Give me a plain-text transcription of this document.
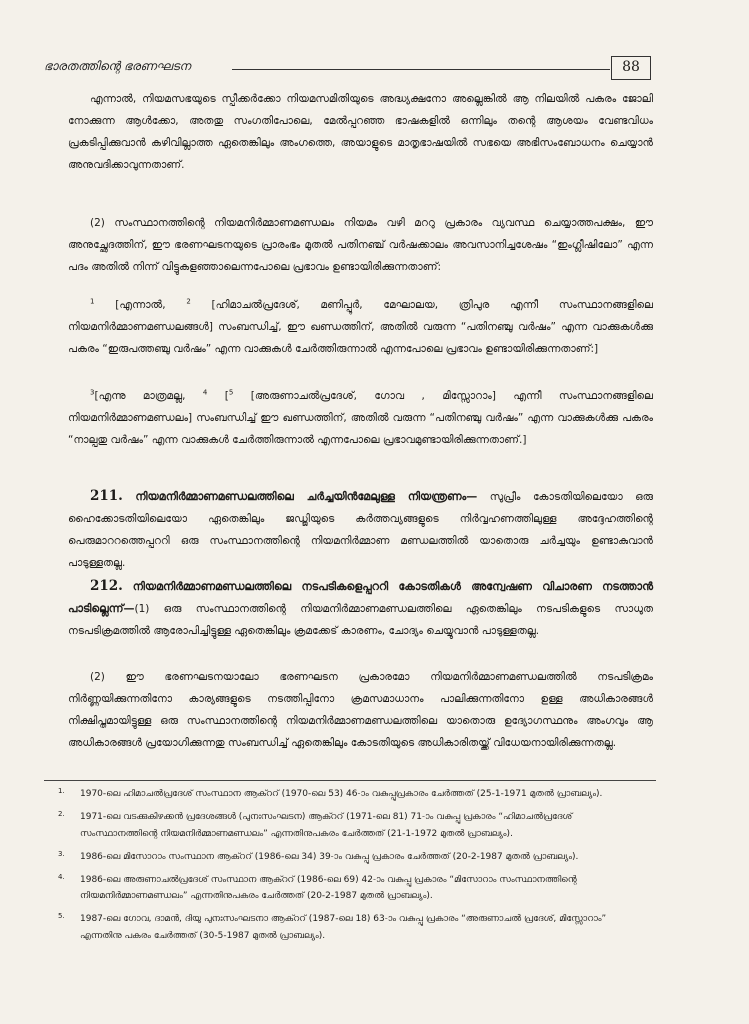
ഭാരതത്തിന്റെ ഭരണഘടന	88

എന്നാൽ, നിയമസഭയുടെ സ്പീക്കർക്കോ നിയമസമിതിയുടെ അദ്ധ്യക്ഷനോ അല്ലെങ്കിൽ ആ നിലയിൽ പകരം ജോലി നോക്കുന്ന ആൾക്കോ, അതതു സംഗതിപോലെ, മേൽപ്പറഞ്ഞ ഭാഷകളിൽ ഒന്നിലും തന്റെ ആശയം വേണ്ടവിധം പ്രകടിപ്പിക്കുവാൻ കഴിവില്ലാത്ത ഏതെങ്കിലും അംഗത്തെ, അയാളുടെ മാതൃഭാഷയിൽ സഭയെ അഭിസംബോധനം ചെയ്യാൻ അനുവദിക്കാവുന്നതാണ്.

(2) സംസ്ഥാനത്തിന്റെ നിയമനിർമ്മാണമണ്ഡലം നിയമം വഴി മററു പ്രകാരം വ്യവസ്ഥ ചെയ്യാത്തപക്ഷം, ഈ അനുച്ഛേദത്തിന്, ഈ ഭരണഘടനയുടെ പ്രാരംഭം മുതൽ പതിനഞ്ച് വർഷക്കാലം അവസാനിച്ചശേഷം “ഇംഗ്ലീഷിലോ” എന്ന പദം അതിൽ നിന്ന് വിട്ടുകളഞ്ഞാലെന്നപോലെ പ്രഭാവം ഉണ്ടായിരിക്കുന്നതാണ്:

$^1$ [എന്നാൽ, $^2$ [ഹിമാചൽപ്രദേശ്, മണിപ്പൂർ, മേഘാലയ, ത്രിപുര എന്നീ സംസ്ഥാനങ്ങളിലെ നിയമനിർമ്മാണമണ്ഡലങ്ങൾ] സംബന്ധിച്ച്, ഈ ഖണ്ഡത്തിന്, അതിൽ വരുന്ന “പതിനഞ്ചു വർഷം” എന്ന വാക്കുകൾക്കു പകരം “ഇരുപത്തഞ്ചു വർഷം” എന്ന വാക്കുകൾ ചേർത്തിരുന്നാൽ എന്നപോലെ പ്രഭാവം ഉണ്ടായിരിക്കുന്നതാണ്:]

$^3$[എന്നു മാത്രമല്ല, $^4$ [$^5$ [അരുണാചൽപ്രദേശ്, ഗോവ , മിസ്സോറാം] എന്നീ സംസ്ഥാനങ്ങളിലെ നിയമനിർമ്മാണമണ്ഡലം] സംബന്ധിച്ച് ഈ ഖണ്ഡത്തിന്, അതിൽ വരുന്ന “പതിനഞ്ചു വർഷം” എന്ന വാക്കുകൾക്കു പകരം “നാല്പതു വർഷം” എന്ന വാക്കുകൾ ചേർത്തിരുന്നാൽ എന്നപോലെ പ്രഭാവമുണ്ടായിരിക്കുന്നതാണ്.]

211. നിയമനിർമ്മാണമണ്ഡലത്തിലെ ചർച്ചയിൻമേലുള്ള നിയന്ത്രണം— സുപ്രീം കോടതിയിലെയോ ഒരു ഹൈക്കോടതിയിലെയോ ഏതെങ്കിലും ജഡ്ജിയുടെ കർത്തവ്യങ്ങളുടെ നിർവ്വഹണത്തിലുള്ള അദ്ദേഹത്തിന്റെ പെരുമാററത്തെപ്പററി ഒരു സംസ്ഥാനത്തിന്റെ നിയമനിർമ്മാണ മണ്ഡലത്തിൽ യാതൊരു ചർച്ചയും ഉണ്ടാകുവാൻ പാടുള്ളതല്ല.

212. നിയമനിർമ്മാണമണ്ഡലത്തിലെ നടപടികളെപ്പററി കോടതികൾ അന്വേഷണ വിചാരണ നടത്താൻ പാടില്ലെന്ന്—(1) ഒരു സംസ്ഥാനത്തിന്റെ നിയമനിർമ്മാണമണ്ഡലത്തിലെ ഏതെങ്കിലും നടപടികളുടെ സാധുത നടപടിക്രമത്തിൽ ആരോപിച്ചിട്ടുള്ള ഏതെങ്കിലും ക്രമക്കേട് കാരണം, ചോദ്യം ചെയ്യുവാൻ പാടുള്ളതല്ല.

(2) ഈ ഭരണഘടനയാലോ ഭരണഘടന പ്രകാരമോ നിയമനിർമ്മാണമണ്ഡലത്തിൽ നടപടിക്രമം നിർണ്ണയിക്കുന്നതിനോ കാര്യങ്ങളുടെ നടത്തിപ്പിനോ ക്രമസമാധാനം പാലിക്കുന്നതിനോ ഉള്ള അധികാരങ്ങൾ നിക്ഷിപ്തമായിട്ടുള്ള ഒരു സംസ്ഥാനത്തിന്റെ നിയമനിർമ്മാണമണ്ഡലത്തിലെ യാതൊരു ഉദ്യോഗസ്ഥനും അംഗവും ആ അധികാരങ്ങൾ പ്രയോഗിക്കുന്നതു സംബന്ധിച്ച് ഏതെങ്കിലും കോടതിയുടെ അധികാരിതയ്ക്ക് വിധേയനായിരിക്കുന്നതല്ല.

1. 1970-ലെ ഹിമാചൽപ്രദേശ് സംസ്ഥാന ആക്ററ് (1970-ലെ 53) 46-ാം വകുപ്പുപ്രകാരം ചേർത്തത് (25-1-1971 മുതൽ പ്രാബല്യം).
2. 1971-ലെ വടക്കുകിഴക്കൻ പ്രദേശങ്ങൾ (പുനഃസംഘടന) ആക്ററ് (1971-ലെ 81) 71-ാം വകുപ്പു പ്രകാരം “ഹിമാചൽപ്രദേശ് സംസ്ഥാനത്തിന്റെ നിയമനിർമ്മാണമണ്ഡലം” എന്നതിനുപകരം ചേർത്തത് (21-1-1972 മുതൽ പ്രാബല്യം).
3. 1986-ലെ മിസോറാം സംസ്ഥാന ആക്ററ് (1986-ലെ 34) 39-ാം വകുപ്പു പ്രകാരം ചേർത്തത് (20-2-1987 മുതൽ പ്രാബല്യം).
4. 1986-ലെ അരുണാചൽപ്രദേശ് സംസ്ഥാന ആക്ററ് (1986-ലെ 69) 42-ാം വകുപ്പു പ്രകാരം “മിസോറാം സംസ്ഥാനത്തിന്റെ നിയമനിർമ്മാണമണ്ഡലം” എന്നതിനുപകരം ചേർത്തത് (20-2-1987 മുതൽ പ്രാബല്യം).
5. 1987-ലെ ഗോവ, ദാമൻ, ദിയു പുനഃസംഘടനാ ആക്ററ് (1987-ലെ 18) 63-ാം വകുപ്പു പ്രകാരം “അരുണാചൽ പ്രദേശ്, മിസ്സോറാം” എന്നതിനു പകരം ചേർത്തത് (30-5-1987 മുതൽ പ്രാബല്യം).
